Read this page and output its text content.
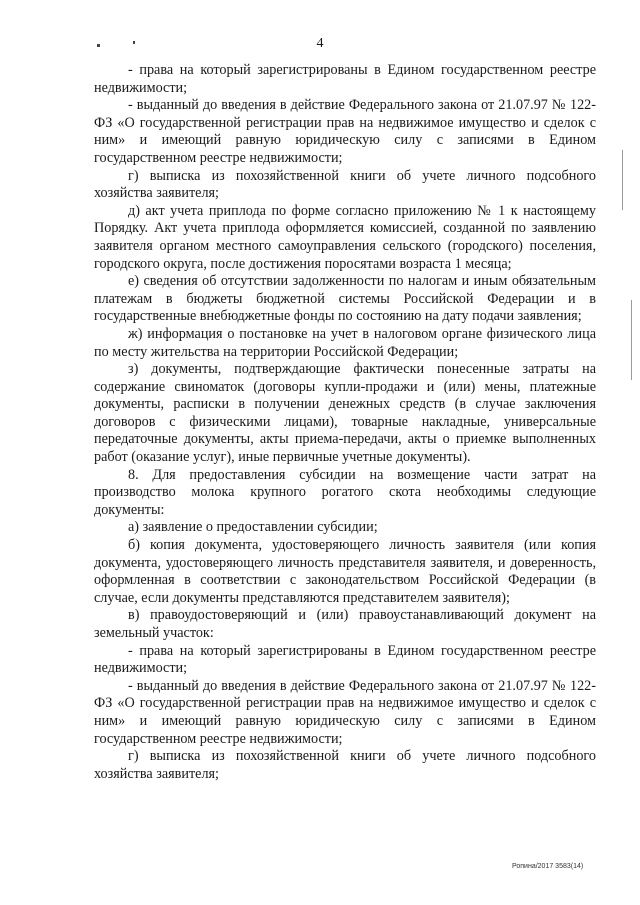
4

- права на который зарегистрированы в Едином государственном реестре недвижимости;

- выданный до введения в действие Федерального закона от 21.07.97 № 122-ФЗ «О государственной регистрации прав на недвижимое имущество и сделок с ним» и имеющий равную юридическую силу с записями в Едином государственном реестре недвижимости;

г) выписка из похозяйственной книги об учете личного подсобного хозяйства заявителя;

д) акт учета приплода по форме согласно приложению № 1 к настоящему Порядку. Акт учета приплода оформляется комиссией, созданной по заявлению заявителя органом местного самоуправления сельского (городского) поселения, городского округа, после достижения поросятами возраста 1 месяца;

е) сведения об отсутствии задолженности по налогам и иным обязательным платежам в бюджеты бюджетной системы Российской Федерации и в государственные внебюджетные фонды по состоянию на дату подачи заявления;

ж) информация о постановке на учет в налоговом органе физического лица по месту жительства на территории Российской Федерации;

з) документы, подтверждающие фактически понесенные затраты на содержание свиноматок (договоры купли-продажи и (или) мены, платежные документы, расписки в получении денежных средств (в случае заключения договоров с физическими лицами), товарные накладные, универсальные передаточные документы, акты приема-передачи, акты о приемке выполненных работ (оказание услуг), иные первичные учетные документы).

8. Для предоставления субсидии на возмещение части затрат на производство молока крупного рогатого скота необходимы следующие документы:

а) заявление о предоставлении субсидии;

б) копия документа, удостоверяющего личность заявителя (или копия документа, удостоверяющего личность представителя заявителя, и доверенность, оформленная в соответствии с законодательством Российской Федерации (в случае, если документы представляются представителем заявителя);

в) правоудостоверяющий и (или) правоустанавливающий документ на земельный участок:

- права на который зарегистрированы в Едином государственном реестре недвижимости;

- выданный до введения в действие Федерального закона от 21.07.97 № 122-ФЗ «О государственной регистрации прав на недвижимое имущество и сделок с ним» и имеющий равную юридическую силу с записями в Едином государственном реестре недвижимости;

г) выписка из похозяйственной книги об учете личного подсобного хозяйства заявителя;

Ропина/2017 3583(14)
